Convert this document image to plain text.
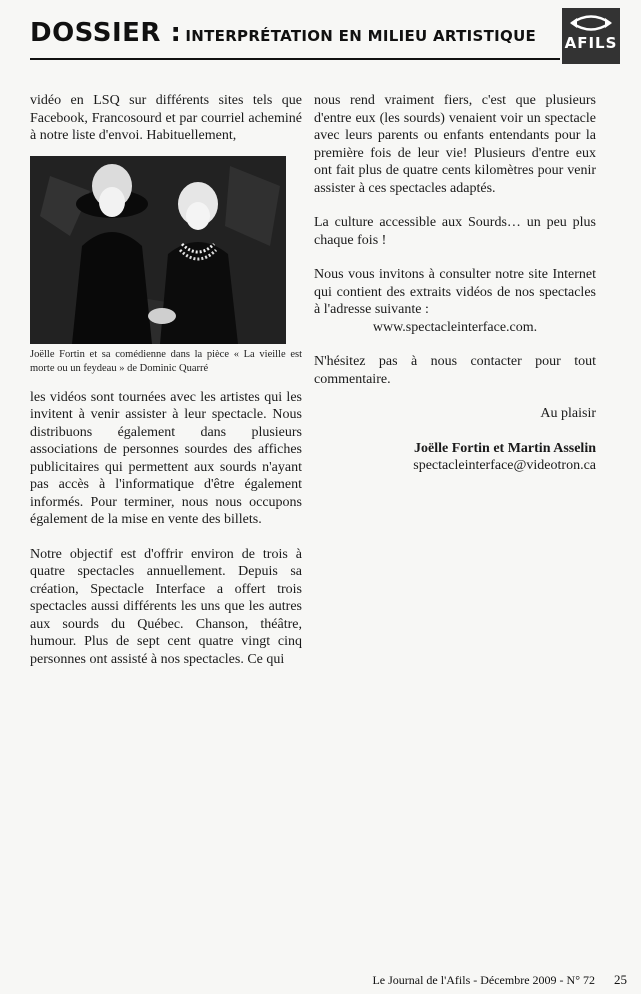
DOSSIER : INTERPRÉTATION EN MILIEU ARTISTIQUE	AFILS

vidéo en LSQ sur différents sites tels que Facebook, Francosourd et par courriel acheminé à notre liste d'envoi. Habituellement,

Joëlle Fortin et sa comédienne dans la pièce « La vieille est morte ou un feydeau » de Dominic Quarré

les vidéos sont tournées avec les artistes qui les invitent à venir assister à leur spectacle. Nous distribuons également dans plusieurs associations de personnes sourdes des affiches publicitaires qui permettent aux sourds n'ayant pas accès à l'informatique d'être également informés. Pour terminer, nous nous occupons également de la mise en vente des billets.

Notre objectif est d'offrir environ de trois à quatre spectacles annuellement. Depuis sa création, Spectacle Interface a offert trois spectacles aussi différents les uns que les autres aux sourds du Québec. Chanson, théâtre, humour. Plus de sept cent quatre vingt cinq personnes ont assisté à nos spectacles. Ce qui

nous rend vraiment fiers, c'est que plusieurs d'entre eux (les sourds) venaient voir un spectacle avec leurs parents ou enfants entendants pour la première fois de leur vie! Plusieurs d'entre eux ont fait plus de quatre cents kilomètres pour venir assister à ces spectacles adaptés.

La culture accessible aux Sourds… un peu plus chaque fois !

Nous vous invitons à consulter notre site Internet qui contient des extraits vidéos de nos spectacles à l'adresse suivante :

www.spectacleinterface.com.

N'hésitez pas à nous contacter pour tout commentaire.

Au plaisir

Joëlle Fortin et Martin Asselin

spectacleinterface@videotron.ca

Le Journal de l'Afils - Décembre 2009 - N° 72 25
